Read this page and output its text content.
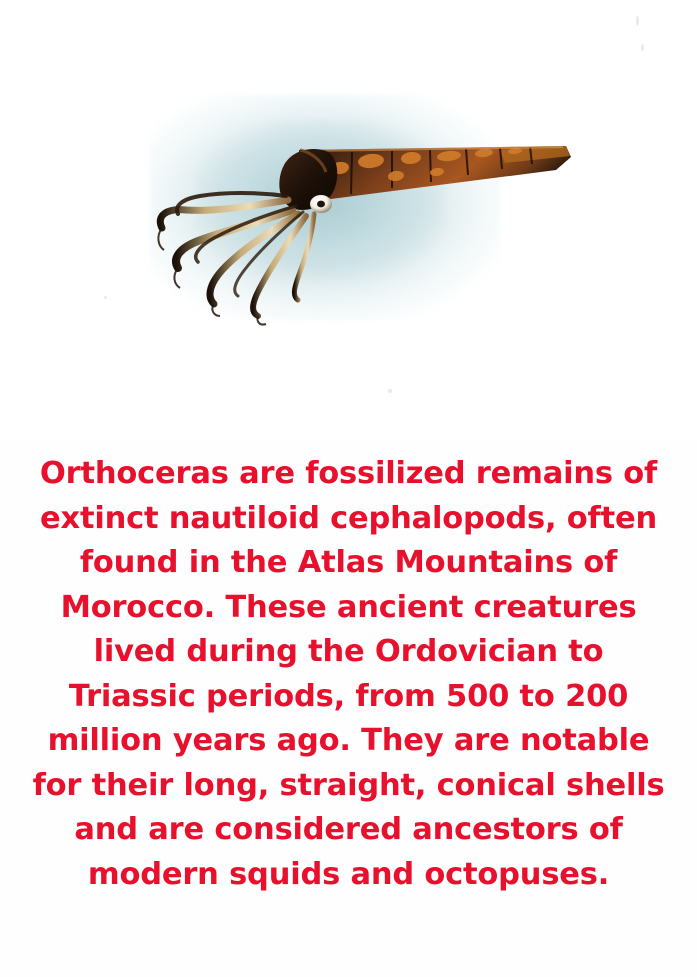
Orthoceras are fossilized remains of
extinct nautiloid cephalopods, often
found in the Atlas Mountains of
Morocco. These ancient creatures
lived during the Ordovician to
Triassic periods, from 500 to 200
million years ago. They are notable
for their long, straight, conical shells
and are considered ancestors of
modern squids and octopuses.
